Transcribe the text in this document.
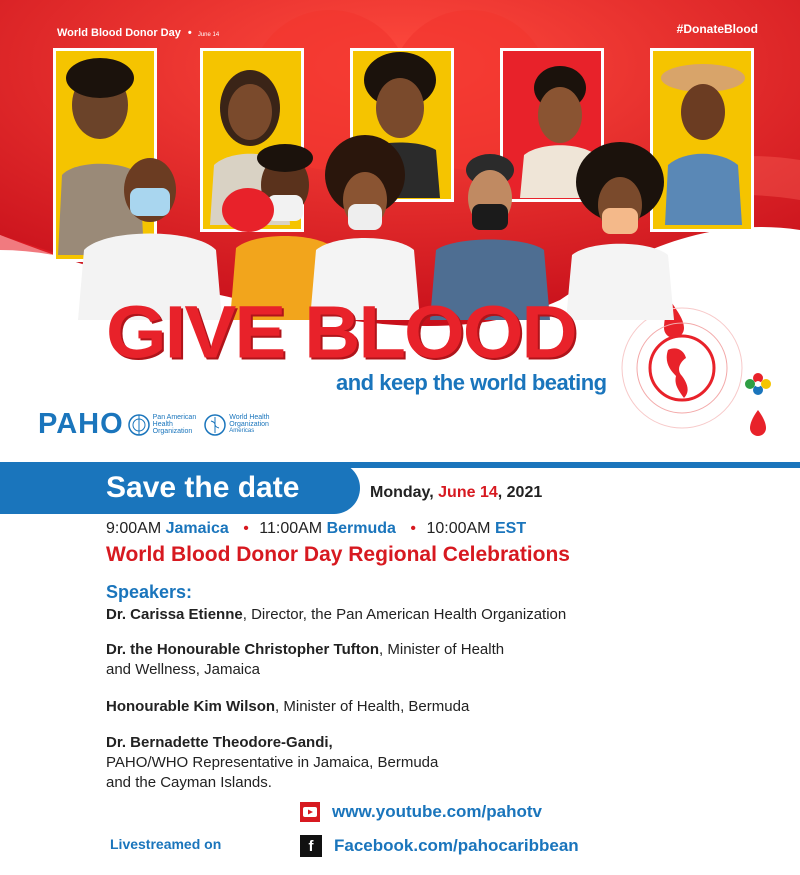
World Blood Donor Day • June 14	#DonateBlood
GIVE BLOOD
and keep the world beating
PAHO	Pan American
Health
Organization
World Health
Organization
Americas
Save the date	Monday, June 14, 2021
9:00AM Jamaica • 11:00AM Bermuda • 10:00AM EST
World Blood Donor Day Regional Celebrations
Speakers:
Dr. Carissa Etienne, Director, the Pan American Health Organization
Dr. the Honourable Christopher Tufton, Minister of Health
and Wellness, Jamaica
Honourable Kim Wilson, Minister of Health, Bermuda
Dr. Bernadette Theodore-Gandi,
PAHO/WHO Representative in Jamaica, Bermuda
and the Cayman Islands.
Livestreamed on
www.youtube.com/pahotv
f Facebook.com/pahocaribbean
